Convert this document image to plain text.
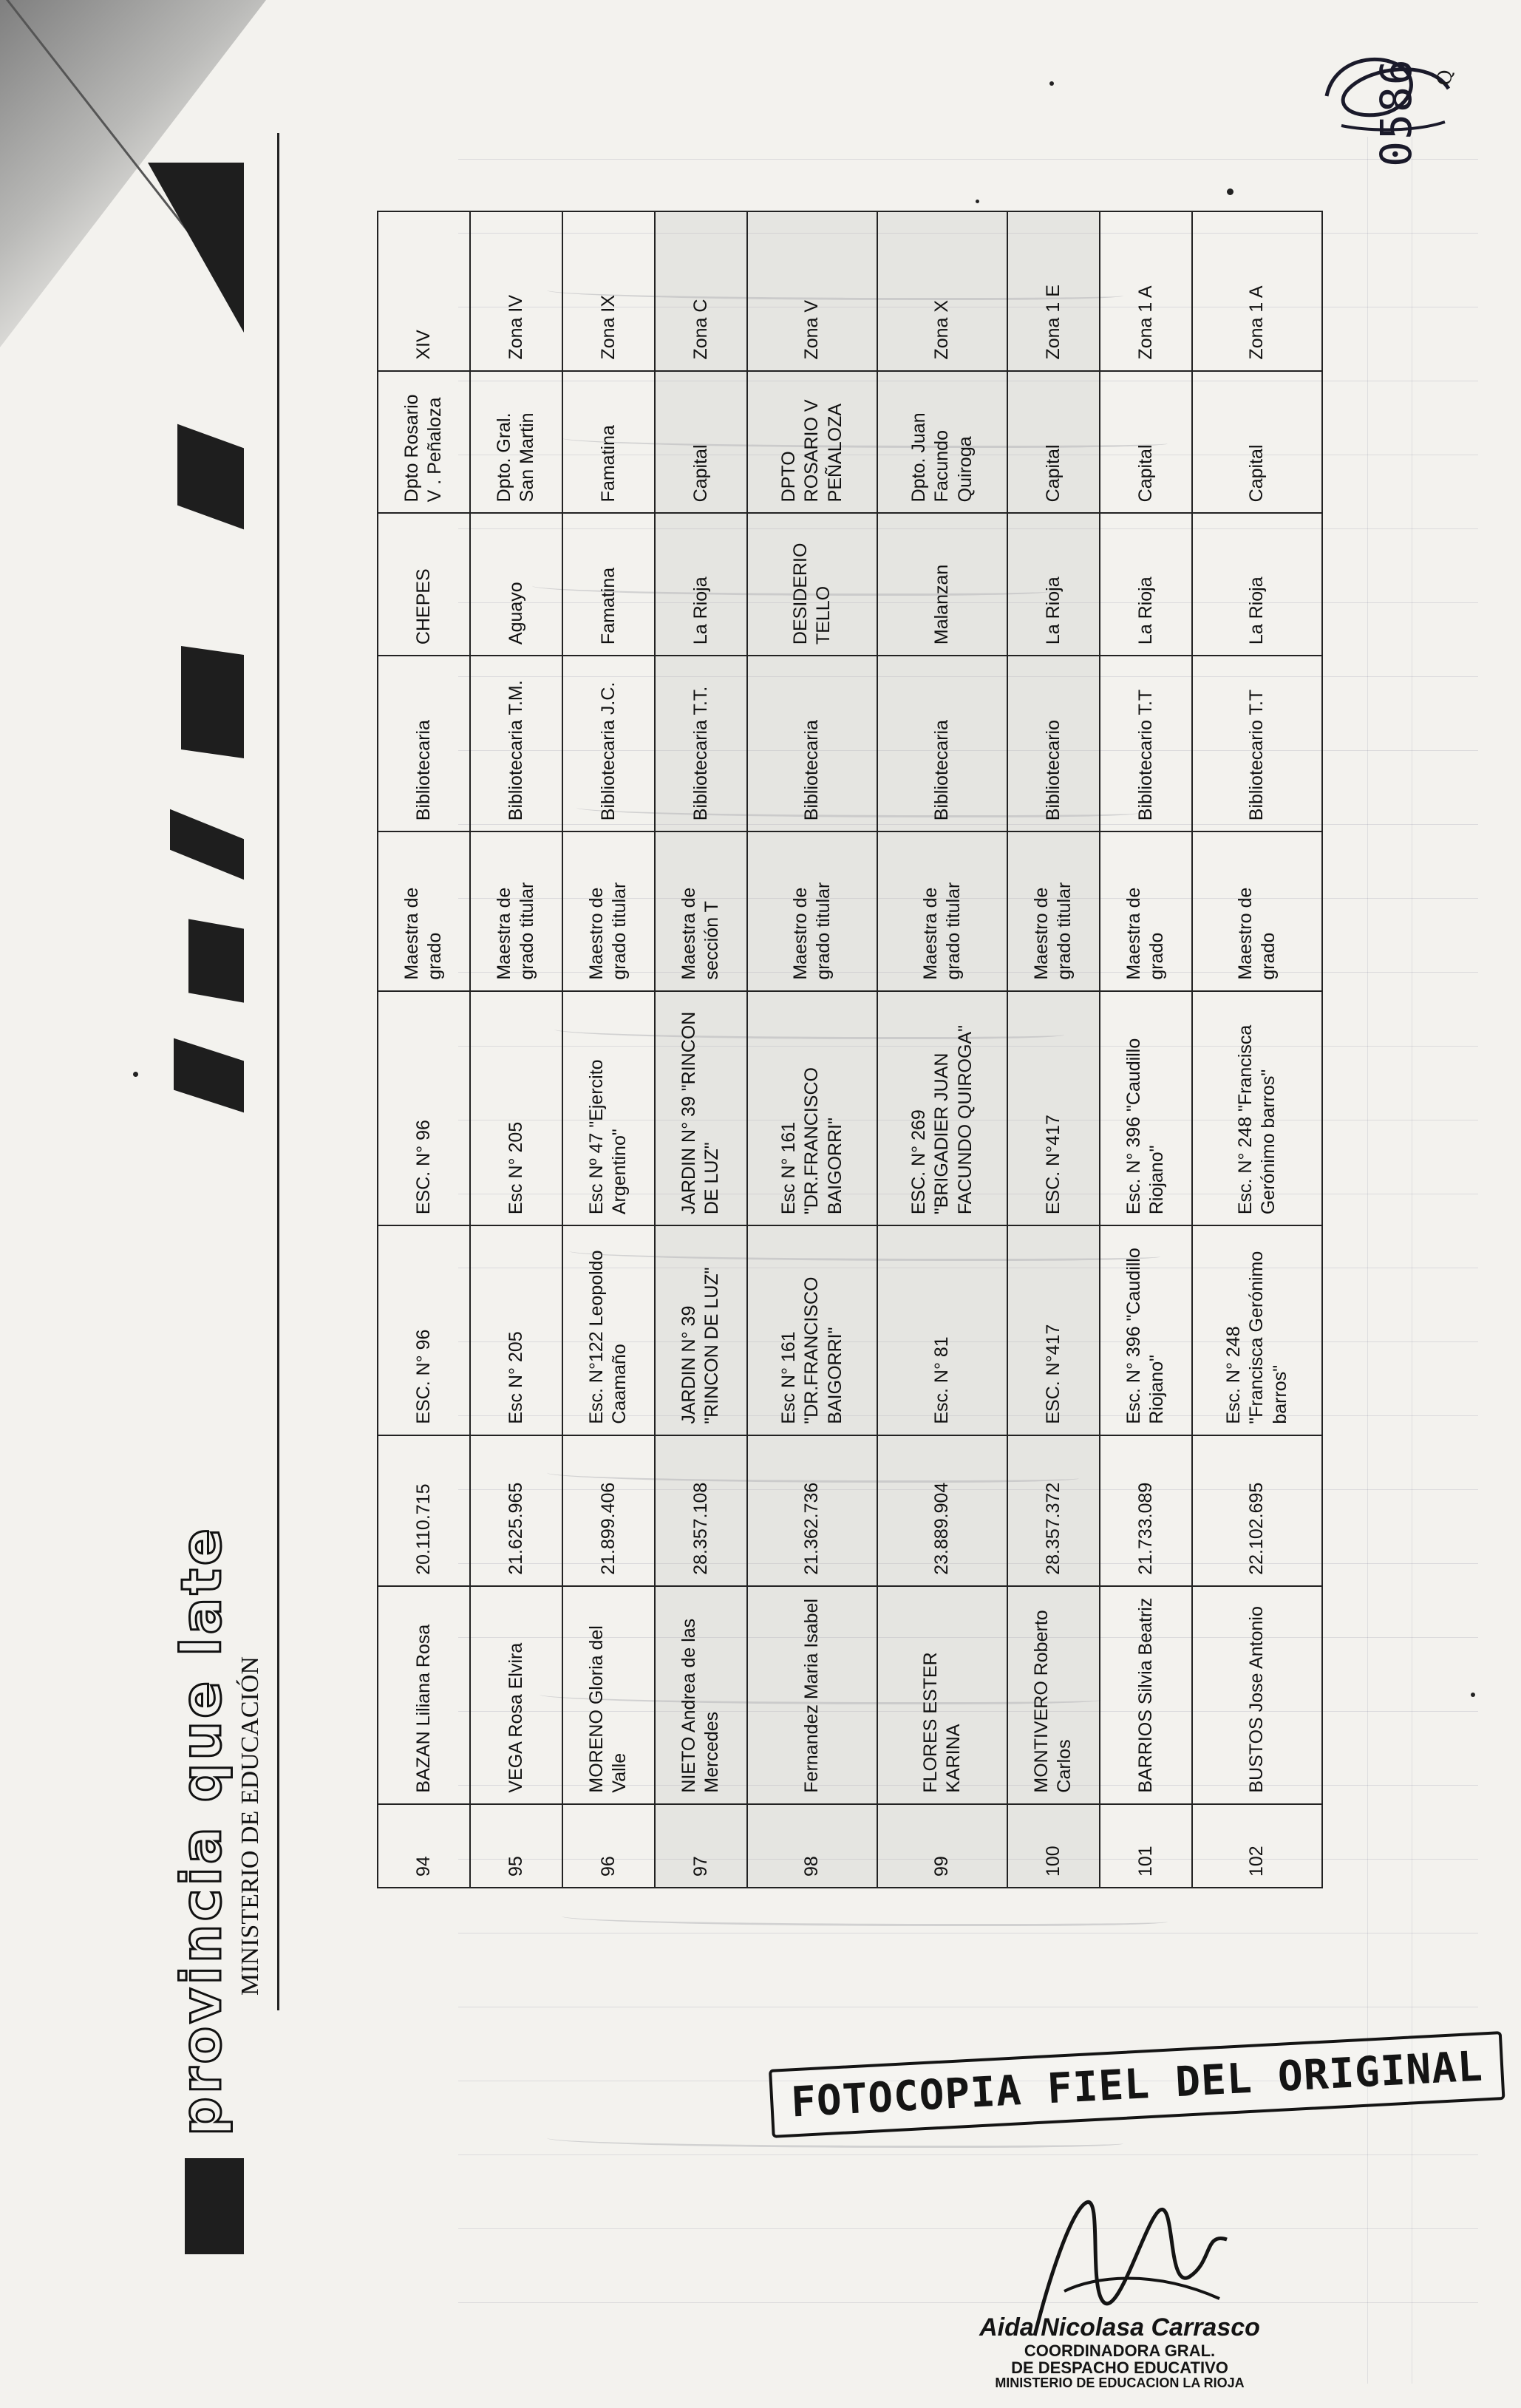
provincia que late MINISTERIO DE EDUCACIÓN	94	BAZAN Liliana Rosa	20.110.715	ESC. N° 96	ESC. N° 96	Maestra de grado	Bibliotecaria	CHEPES	Dpto Rosario V . Peñaloza	XIV
95	VEGA Rosa Elvira	21.625.965	Esc N° 205	Esc N° 205	Maestra de grado titular	Bibliotecaria T.M.	Aguayo	Dpto. Gral. San Martin	Zona IV
96	MORENO Gloria del Valle	21.899.406	Esc. N°122 Leopoldo Caamaño	Esc Nº 47 "Ejercito Argentino"	Maestro de grado titular	Bibliotecaria J.C.	Famatina	Famatina	Zona IX
97	NIETO Andrea de las Mercedes	28.357.108	JARDIN N° 39 "RINCON DE LUZ"	JARDIN N° 39 "RINCON DE LUZ"	Maestra de sección T	Bibliotecaria T.T.	La Rioja	Capital	Zona C
98	Fernandez Maria Isabel	21.362.736	Esc N° 161 "DR.FRANCISCO BAIGORRI"	Esc N° 161 "DR.FRANCISCO BAIGORRI"	Maestro de grado titular	Bibliotecaria	DESIDERIO TELLO	DPTO ROSARIO V PEÑALOZA	Zona V
99	FLORES ESTER KARINA	23.889.904	Esc. N° 81	ESC. N° 269 "BRIGADIER JUAN FACUNDO QUIROGA"	Maestra de grado titular	Bibliotecaria	Malanzan	Dpto. Juan Facundo Quiroga	Zona X
100	MONTIVERO Roberto Carlos	28.357.372	ESC. N°417	ESC. N°417	Maestro de grado titular	Bibliotecario	La Rioja	Capital	Zona 1 E
101	BARRIOS Silvia Beatriz	21.733.089	Esc. N° 396 "Caudillo Riojano"	Esc. N° 396 "Caudillo Riojano"	Maestra de grado	Bibliotecario T.T	La Rioja	Capital	Zona 1 A
102	BUSTOS Jose Antonio	22.102.695	Esc. N° 248 "Francisca Gerónimo barros"	Esc. N° 248 "Francisca Gerónimo barros"	Maestro de grado	Bibliotecario T.T	La Rioja	Capital	Zona 1 A
0586 Q
FOTOCOPIA FIEL DEL ORIGINAL
Aida Nicolasa Carrasco
COORDINADORA GRAL.
DE DESPACHO EDUCATIVO
MINISTERIO DE EDUCACION LA RIOJA
